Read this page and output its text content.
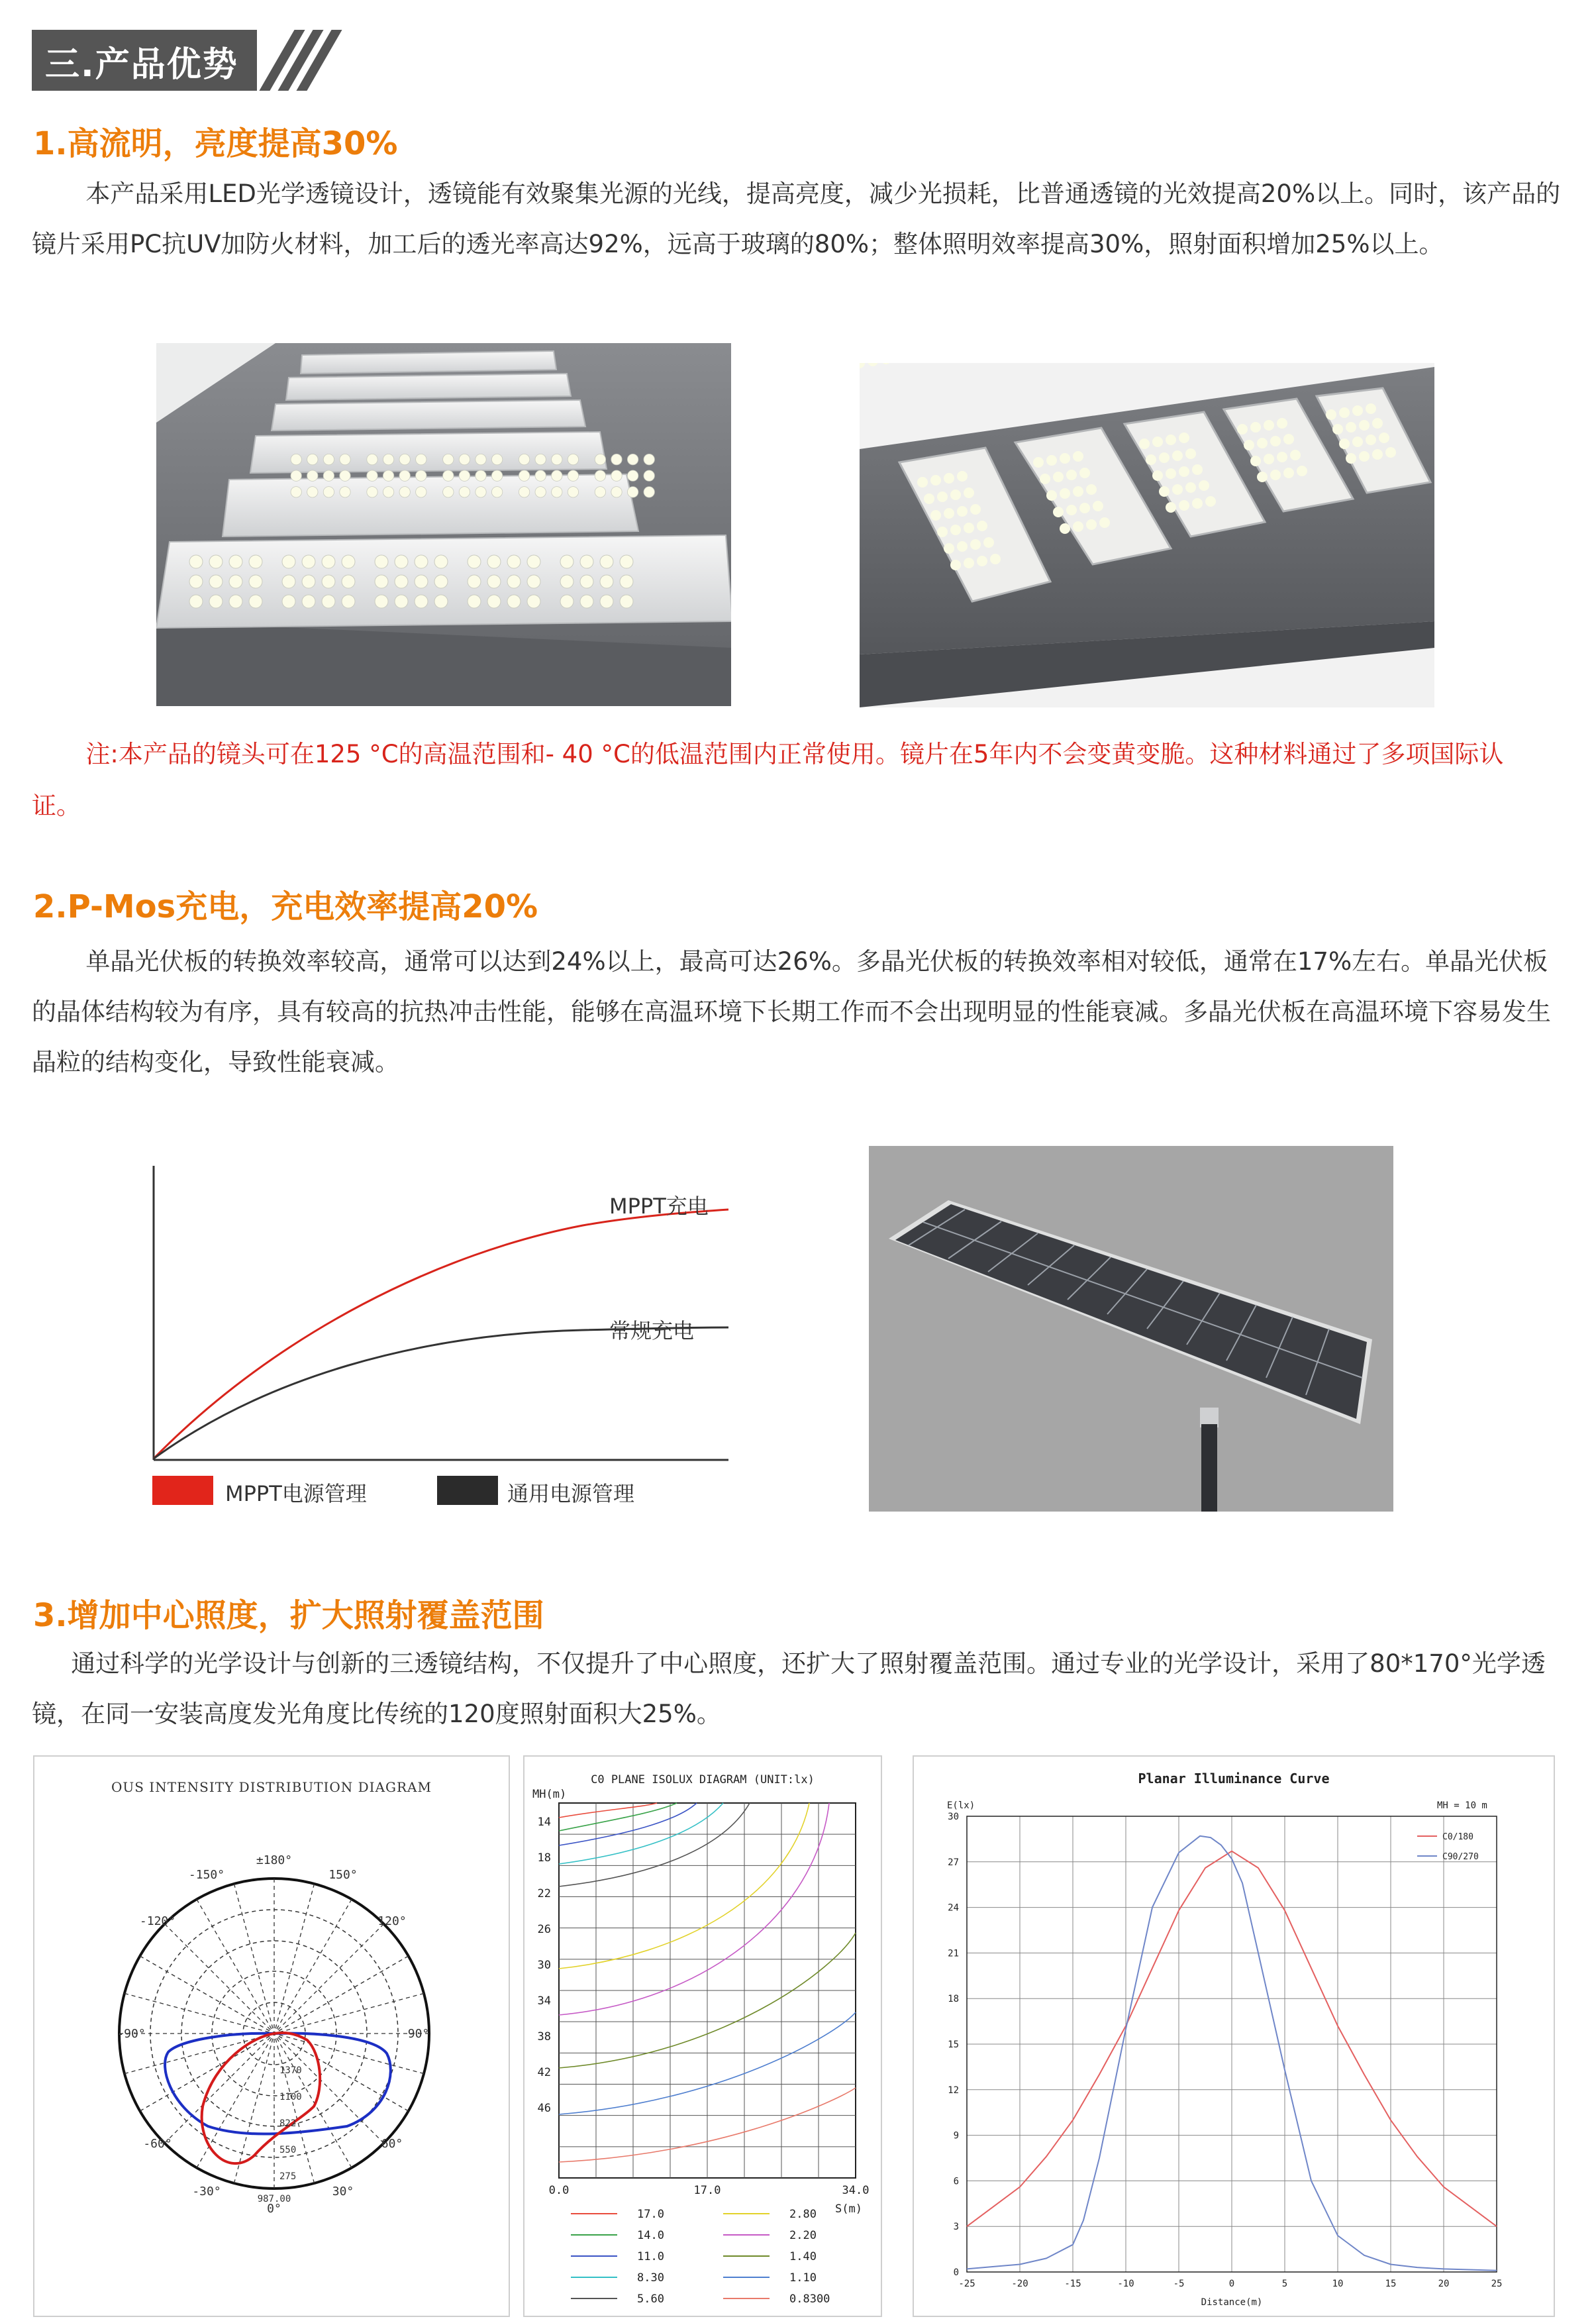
三.产品优势
1.高流明，亮度提高30%
本产品采用LED光学透镜设计，透镜能有效聚集光源的光线，提高亮度，减少光损耗，比普通透镜的光效提高20%以上。同时，该产品的镜片采用PC抗UV加防火材料，加工后的透光率高达92%，远高于玻璃的80%；整体照明效率提高30%，照射面积增加25%以上。
注:本产品的镜头可在125 °C的高温范围和- 40 °C的低温范围内正常使用。镜片在5年内不会变黄变脆。这种材料通过了多项国际认证。
2.P-Mos充电，充电效率提高20%
单晶光伏板的转换效率较高，通常可以达到24%以上，最高可达26%。多晶光伏板的转换效率相对较低，通常在17%左右。单晶光伏板的晶体结构较为有序，具有较高的抗热冲击性能，能够在高温环境下长期工作而不会出现明显的性能衰减。多晶光伏板在高温环境下容易发生晶粒的结构变化，导致性能衰减。
MPPT充电
常规充电
MPPT电源管理	通用电源管理
3.增加中心照度，扩大照射覆盖范围
通过科学的光学设计与创新的三透镜结构，不仅提升了中心照度，还扩大了照射覆盖范围。通过专业的光学设计，采用了80*170°光学透镜，在同一安装高度发光角度比传统的120度照射面积大25%。
OUS INTENSITY DISTRIBUTION DIAGRAM
±180°
-150°	150°
-120°	120°
-90°	90°
-60°	60°
-30°	30°
0°
1370
1100
822
550
275
987.00
C0 PLANE ISOLUX DIAGRAM (UNIT:lx)
MH(m)
14
18
22
26
30
34
38
42
46
0.0	17.0	34.0
S(m)
17.0
14.0
11.0
8.30
5.60
2.80
2.20
1.40
1.10
0.8300
Planar Illuminance Curve
MH = 10 m
E(lx)
0
3
6
9
12
15
18
21
24
27
30
-25	-20	-15	-10	-5	0	5	10	15	20	25
Distance(m)
C0/180
C90/270
